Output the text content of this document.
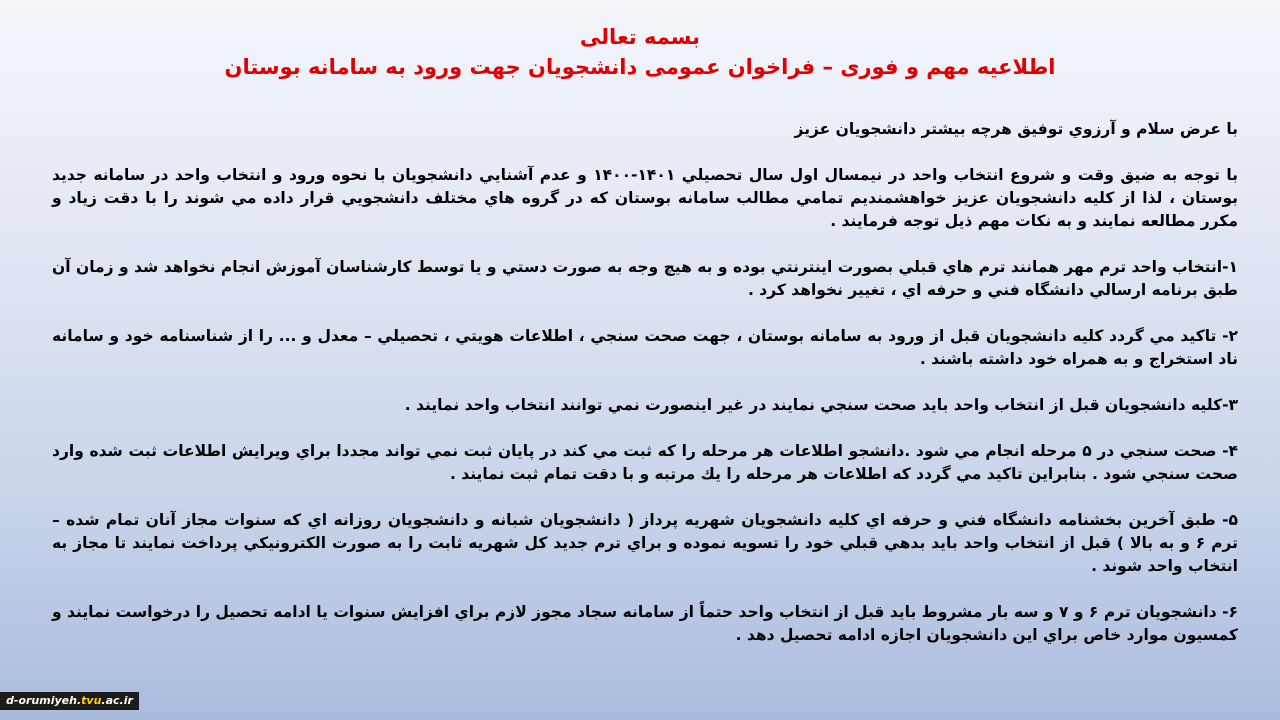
بسمه تعالی
اطلاعیه مهم و فوری – فراخوان عمومی دانشجویان جهت ورود به سامانه بوستان

با عرض سلام و آرزوي توفيق هرچه بيشتر دانشجويان عزيز

با توجه به ضيق وقت و شروع انتخاب واحد در نيمسال اول سال تحصيلي ۱۴۰۱-۱۴۰۰ و عدم آشنايي دانشجويان با نحوه ورود و انتخاب واحد در سامانه جديد بوستان ، لذا از كليه دانشجويان عزيز خواهشمنديم تمامي مطالب سامانه بوستان كه در گروه هاي مختلف دانشجويي قرار داده مي شوند را با دقت زياد و مكرر مطالعه نمايند و به نكات مهم ذيل توجه فرمايند .

۱-انتخاب واحد ترم مهر همانند ترم هاي قبلي بصورت اينترنتي بوده و به هيچ وجه به صورت دستي و يا توسط كارشناسان آموزش انجام نخواهد شد و زمان آن طبق برنامه ارسالي دانشگاه فني و حرفه اي ، تغيير نخواهد كرد .

۲- تاكيد مي گردد كليه دانشجويان قبل از ورود به سامانه بوستان ، جهت صحت سنجي ، اطلاعات هويتي ، تحصيلي – معدل و ... را از شناسنامه خود و سامانه ناد استخراج و به همراه خود داشته باشند .

۳-كليه دانشجويان قبل از انتخاب واحد بايد صحت سنجي نمايند در غير اينصورت نمي توانند انتخاب واحد نمايند .

۴- صحت سنجي در ۵ مرحله انجام مي شود .دانشجو اطلاعات هر مرحله را كه ثبت مي كند در پايان ثبت نمي تواند مجددا براي ويرايش اطلاعات ثبت شده وارد صحت سنجي شود . بنابراين تاكيد مي گردد كه اطلاعات هر مرحله را يك مرتبه و با دقت تمام ثبت نمايند .

۵- طبق آخرين بخشنامه دانشگاه فني و حرفه اي كليه دانشجويان شهريه پرداز ( دانشجويان شبانه و دانشجويان روزانه اي كه سنوات مجاز آنان تمام شده – ترم ۶ و به بالا ) قبل از انتخاب واحد بايد بدهي قبلي خود را تسويه نموده و براي ترم جديد كل شهريه ثابت را به صورت الكترونيكي پرداخت نمايند تا مجاز به انتخاب واحد شوند .

۶- دانشجويان ترم ۶ و ۷ و سه بار مشروط بايد قبل از انتخاب واحد حتماً از سامانه سجاد مجوز لازم براي افزايش سنوات يا ادامه تحصيل را درخواست نمايند و كمسيون موارد خاص براي اين دانشجويان اجازه ادامه تحصيل دهد .

d-orumiyeh.tvu.ac.ir
